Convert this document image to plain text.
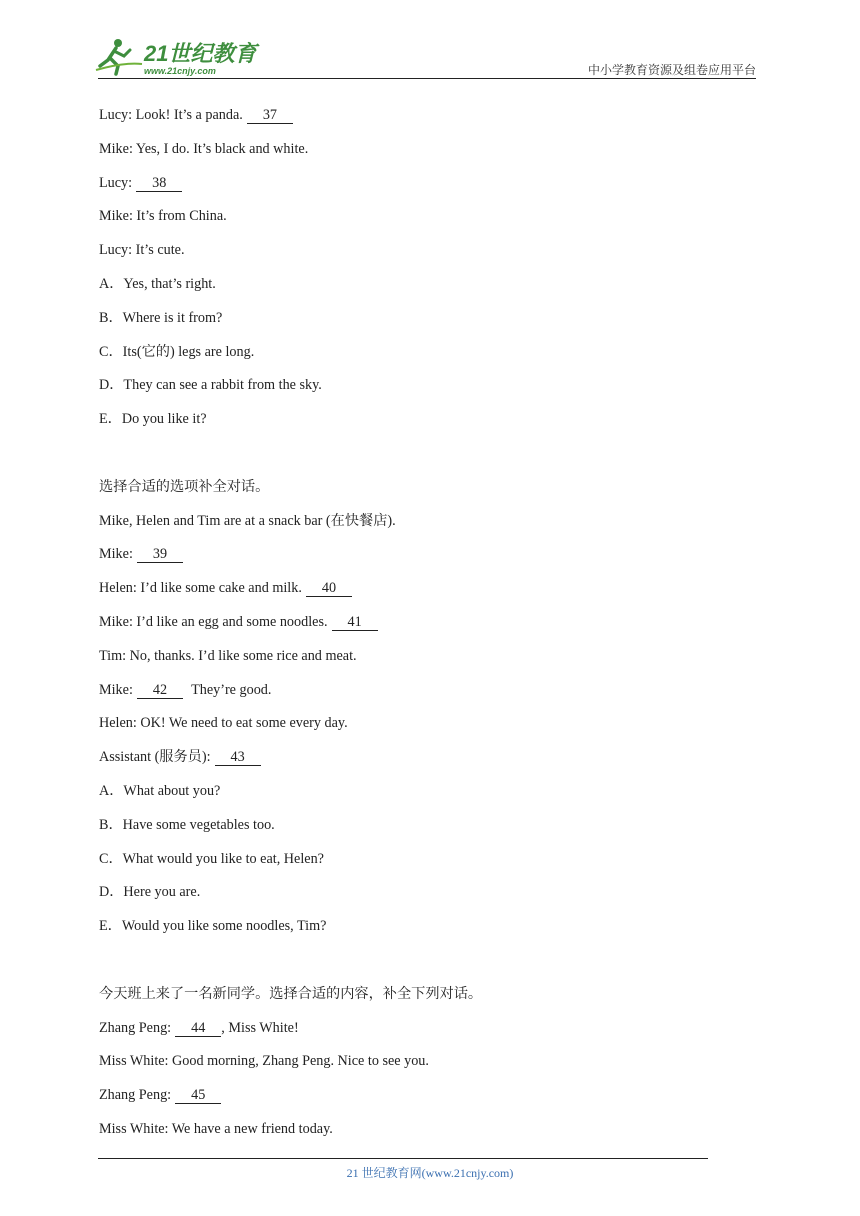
21世纪教育
www.21cnjy.com	中小学教育资源及组卷应用平台
Lucy: Look! It’s a panda. 37
Mike: Yes, I do. It’s black and white.
Lucy: 38
Mike: It’s from China.
Lucy: It’s cute.
A．Yes, that’s right.
B．Where is it from?
C．Its(它的) legs are long.
D．They can see a rabbit from the sky.
E．Do you like it?
选择合适的选项补全对话。
Mike, Helen and Tim are at a snack bar (在快餐店).
Mike: 39
Helen: I’d like some cake and milk. 40
Mike: I’d like an egg and some noodles. 41
Tim: No, thanks. I’d like some rice and meat.
Mike: 42 They’re good.
Helen: OK! We need to eat some every day.
Assistant (服务员): 43
A．What about you?
B．Have some vegetables too.
C．What would you like to eat, Helen?
D．Here you are.
E．Would you like some noodles, Tim?
今天班上来了一名新同学。选择合适的内容，补全下列对话。
Zhang Peng: 44 , Miss White!
Miss White: Good morning, Zhang Peng. Nice to see you.
Zhang Peng: 45
Miss White: We have a new friend today.
21 世纪教育网(www.21cnjy.com)
